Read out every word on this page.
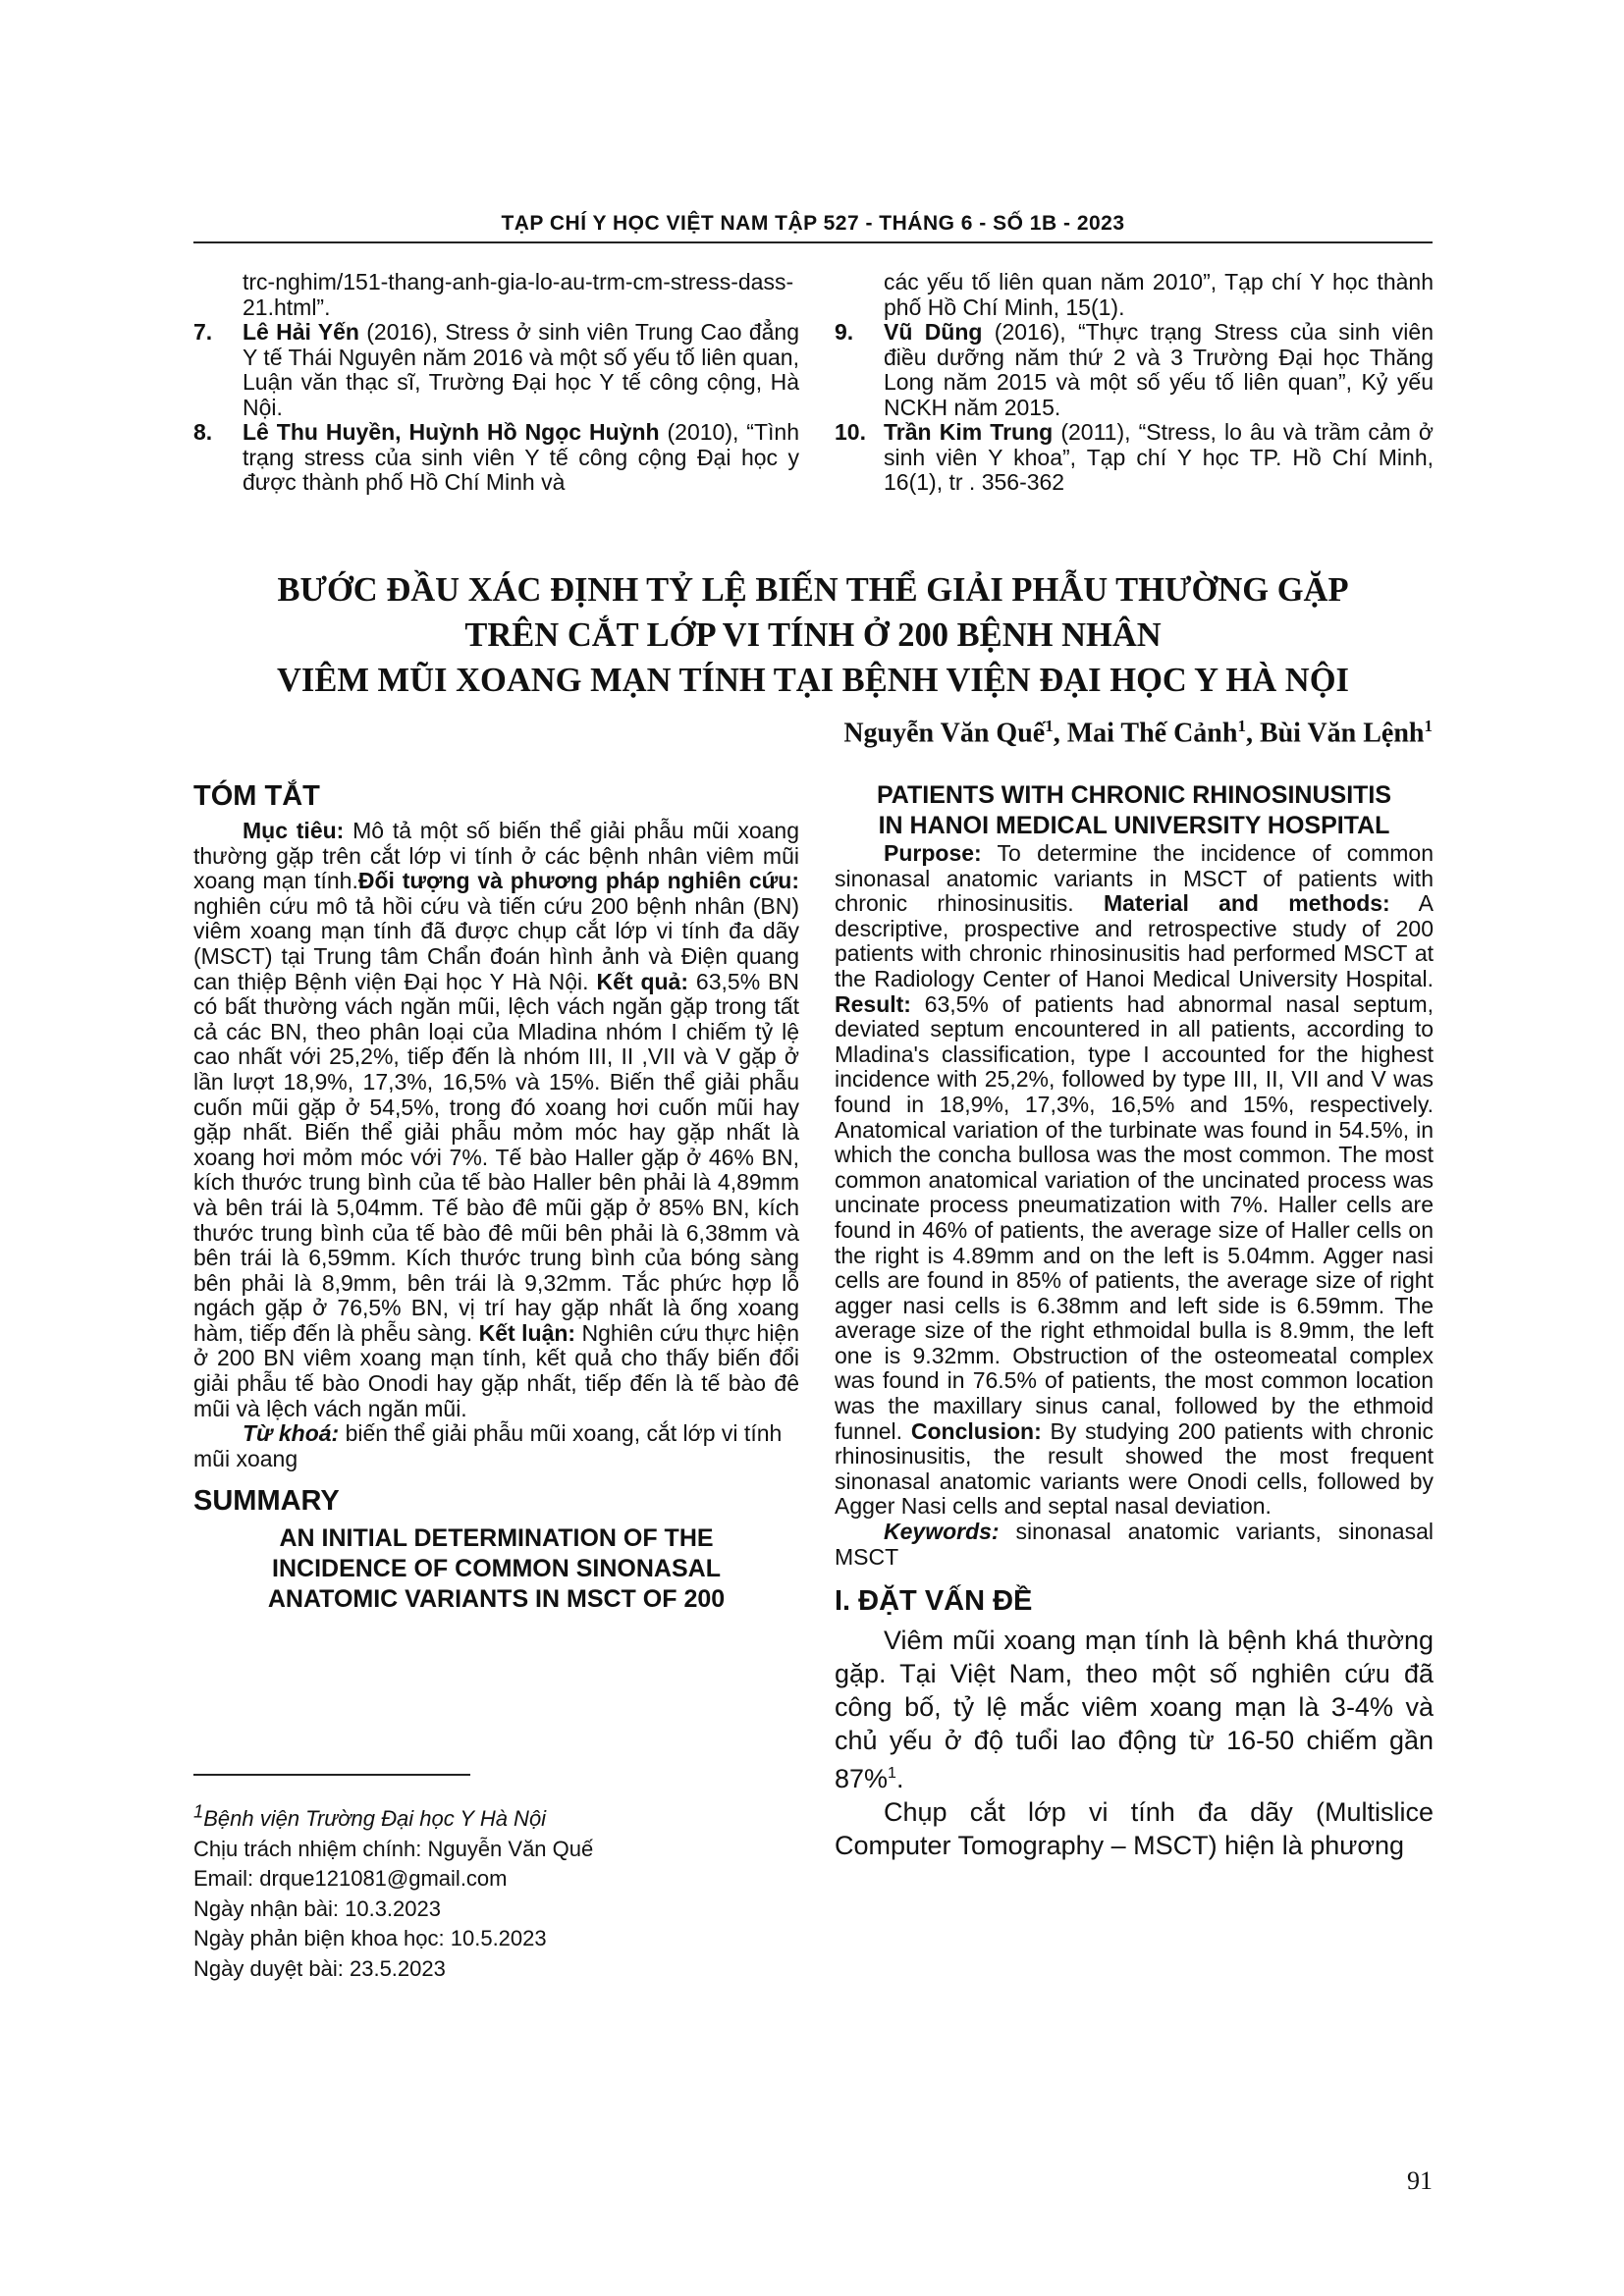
TẠP CHÍ Y HỌC VIỆT NAM TẬP 527 - THÁNG 6 - SỐ 1B - 2023
trc-nghim/151-thang-anh-gia-lo-au-trm-cm-stress-dass-21.html”.
7. Lê Hải Yến (2016), Stress ở sinh viên Trung Cao đẳng Y tế Thái Nguyên năm 2016 và một số yếu tố liên quan, Luận văn thạc sĩ, Trường Đại học Y tế công cộng, Hà Nội.
8. Lê Thu Huyền, Huỳnh Hồ Ngọc Huỳnh (2010), “Tình trạng stress của sinh viên Y tế công cộng Đại học y được thành phố Hồ Chí Minh và
các yếu tố liên quan năm 2010”, Tạp chí Y học thành phố Hồ Chí Minh, 15(1).
9. Vũ Dũng (2016), “Thực trạng Stress của sinh viên điều dưỡng năm thứ 2 và 3 Trường Đại học Thăng Long năm 2015 và một số yếu tố liên quan”, Kỷ yếu NCKH năm 2015.
10. Trần Kim Trung (2011), “Stress, lo âu và trầm cảm ở sinh viên Y khoa”, Tạp chí Y học TP. Hồ Chí Minh, 16(1), tr . 356-362
BƯỚC ĐẦU XÁC ĐỊNH TỶ LỆ BIẾN THỂ GIẢI PHẪU THƯỜNG GẶP
TRÊN CẮT LỚP VI TÍNH Ở 200 BỆNH NHÂN
VIÊM MŨI XOANG MẠN TÍNH TẠI BỆNH VIỆN ĐẠI HỌC Y HÀ NỘI
Nguyễn Văn Quế$^1$, Mai Thế Cảnh$^1$, Bùi Văn Lệnh$^1$
TÓM TẮT
Mục tiêu: Mô tả một số biến thể giải phẫu mũi xoang thường gặp trên cắt lớp vi tính ở các bệnh nhân viêm mũi xoang mạn tính.Đối tượng và phương pháp nghiên cứu: nghiên cứu mô tả hồi cứu và tiến cứu 200 bệnh nhân (BN) viêm xoang mạn tính đã được chụp cắt lớp vi tính đa dãy (MSCT) tại Trung tâm Chẩn đoán hình ảnh và Điện quang can thiệp Bệnh viện Đại học Y Hà Nội. Kết quả: 63,5% BN có bất thường vách ngăn mũi, lệch vách ngăn gặp trong tất cả các BN, theo phân loại của Mladina nhóm I chiếm tỷ lệ cao nhất với 25,2%, tiếp đến là nhóm III, II ,VII và V gặp ở lần lượt 18,9%, 17,3%, 16,5% và 15%. Biến thể giải phẫu cuốn mũi gặp ở 54,5%, trong đó xoang hơi cuốn mũi hay gặp nhất. Biến thể giải phẫu mỏm móc hay gặp nhất là xoang hơi mỏm móc với 7%. Tế bào Haller gặp ở 46% BN, kích thước trung bình của tế bào Haller bên phải là 4,89mm và bên trái là 5,04mm. Tế bào đê mũi gặp ở 85% BN, kích thước trung bình của tế bào đê mũi bên phải là 6,38mm và bên trái là 6,59mm. Kích thước trung bình của bóng sàng bên phải là 8,9mm, bên trái là 9,32mm. Tắc phức hợp lỗ ngách gặp ở 76,5% BN, vị trí hay gặp nhất là ống xoang hàm, tiếp đến là phễu sàng. Kết luận: Nghiên cứu thực hiện ở 200 BN viêm xoang mạn tính, kết quả cho thấy biến đổi giải phẫu tế bào Onodi hay gặp nhất, tiếp đến là tế bào đê mũi và lệch vách ngăn mũi.
Từ khoá: biến thể giải phẫu mũi xoang, cắt lớp vi tính mũi xoang
SUMMARY
AN INITIAL DETERMINATION OF THE
INCIDENCE OF COMMON SINONASAL
ANATOMIC VARIANTS IN MSCT OF 200
$^1$Bệnh viện Trường Đại học Y Hà Nội
Chịu trách nhiệm chính: Nguyễn Văn Quế
Email: drque121081@gmail.com
Ngày nhận bài: 10.3.2023
Ngày phản biện khoa học: 10.5.2023
Ngày duyệt bài: 23.5.2023
PATIENTS WITH CHRONIC RHINOSINUSITIS
IN HANOI MEDICAL UNIVERSITY HOSPITAL
Purpose: To determine the incidence of common sinonasal anatomic variants in MSCT of patients with chronic rhinosinusitis. Material and methods: A descriptive, prospective and retrospective study of 200 patients with chronic rhinosinusitis had performed MSCT at the Radiology Center of Hanoi Medical University Hospital. Result: 63,5% of patients had abnormal nasal septum, deviated septum encountered in all patients, according to Mladina's classification, type I accounted for the highest incidence with 25,2%, followed by type III, II, VII and V was found in 18,9%, 17,3%, 16,5% and 15%, respectively. Anatomical variation of the turbinate was found in 54.5%, in which the concha bullosa was the most common. The most common anatomical variation of the uncinated process was uncinate process pneumatization with 7%. Haller cells are found in 46% of patients, the average size of Haller cells on the right is 4.89mm and on the left is 5.04mm. Agger nasi cells are found in 85% of patients, the average size of right agger nasi cells is 6.38mm and left side is 6.59mm. The average size of the right ethmoidal bulla is 8.9mm, the left one is 9.32mm. Obstruction of the osteomeatal complex was found in 76.5% of patients, the most common location was the maxillary sinus canal, followed by the ethmoid funnel. Conclusion: By studying 200 patients with chronic rhinosinusitis, the result showed the most frequent sinonasal anatomic variants were Onodi cells, followed by Agger Nasi cells and septal nasal deviation.
Keywords: sinonasal anatomic variants, sinonasal MSCT
I. ĐẶT VẤN ĐỀ
Viêm mũi xoang mạn tính là bệnh khá thường gặp. Tại Việt Nam, theo một số nghiên cứu đã công bố, tỷ lệ mắc viêm xoang mạn là 3-4% và chủ yếu ở độ tuổi lao động từ 16-50 chiếm gần 87%$^1$.
Chụp cắt lớp vi tính đa dãy (Multislice Computer Tomography – MSCT) hiện là phương
91
